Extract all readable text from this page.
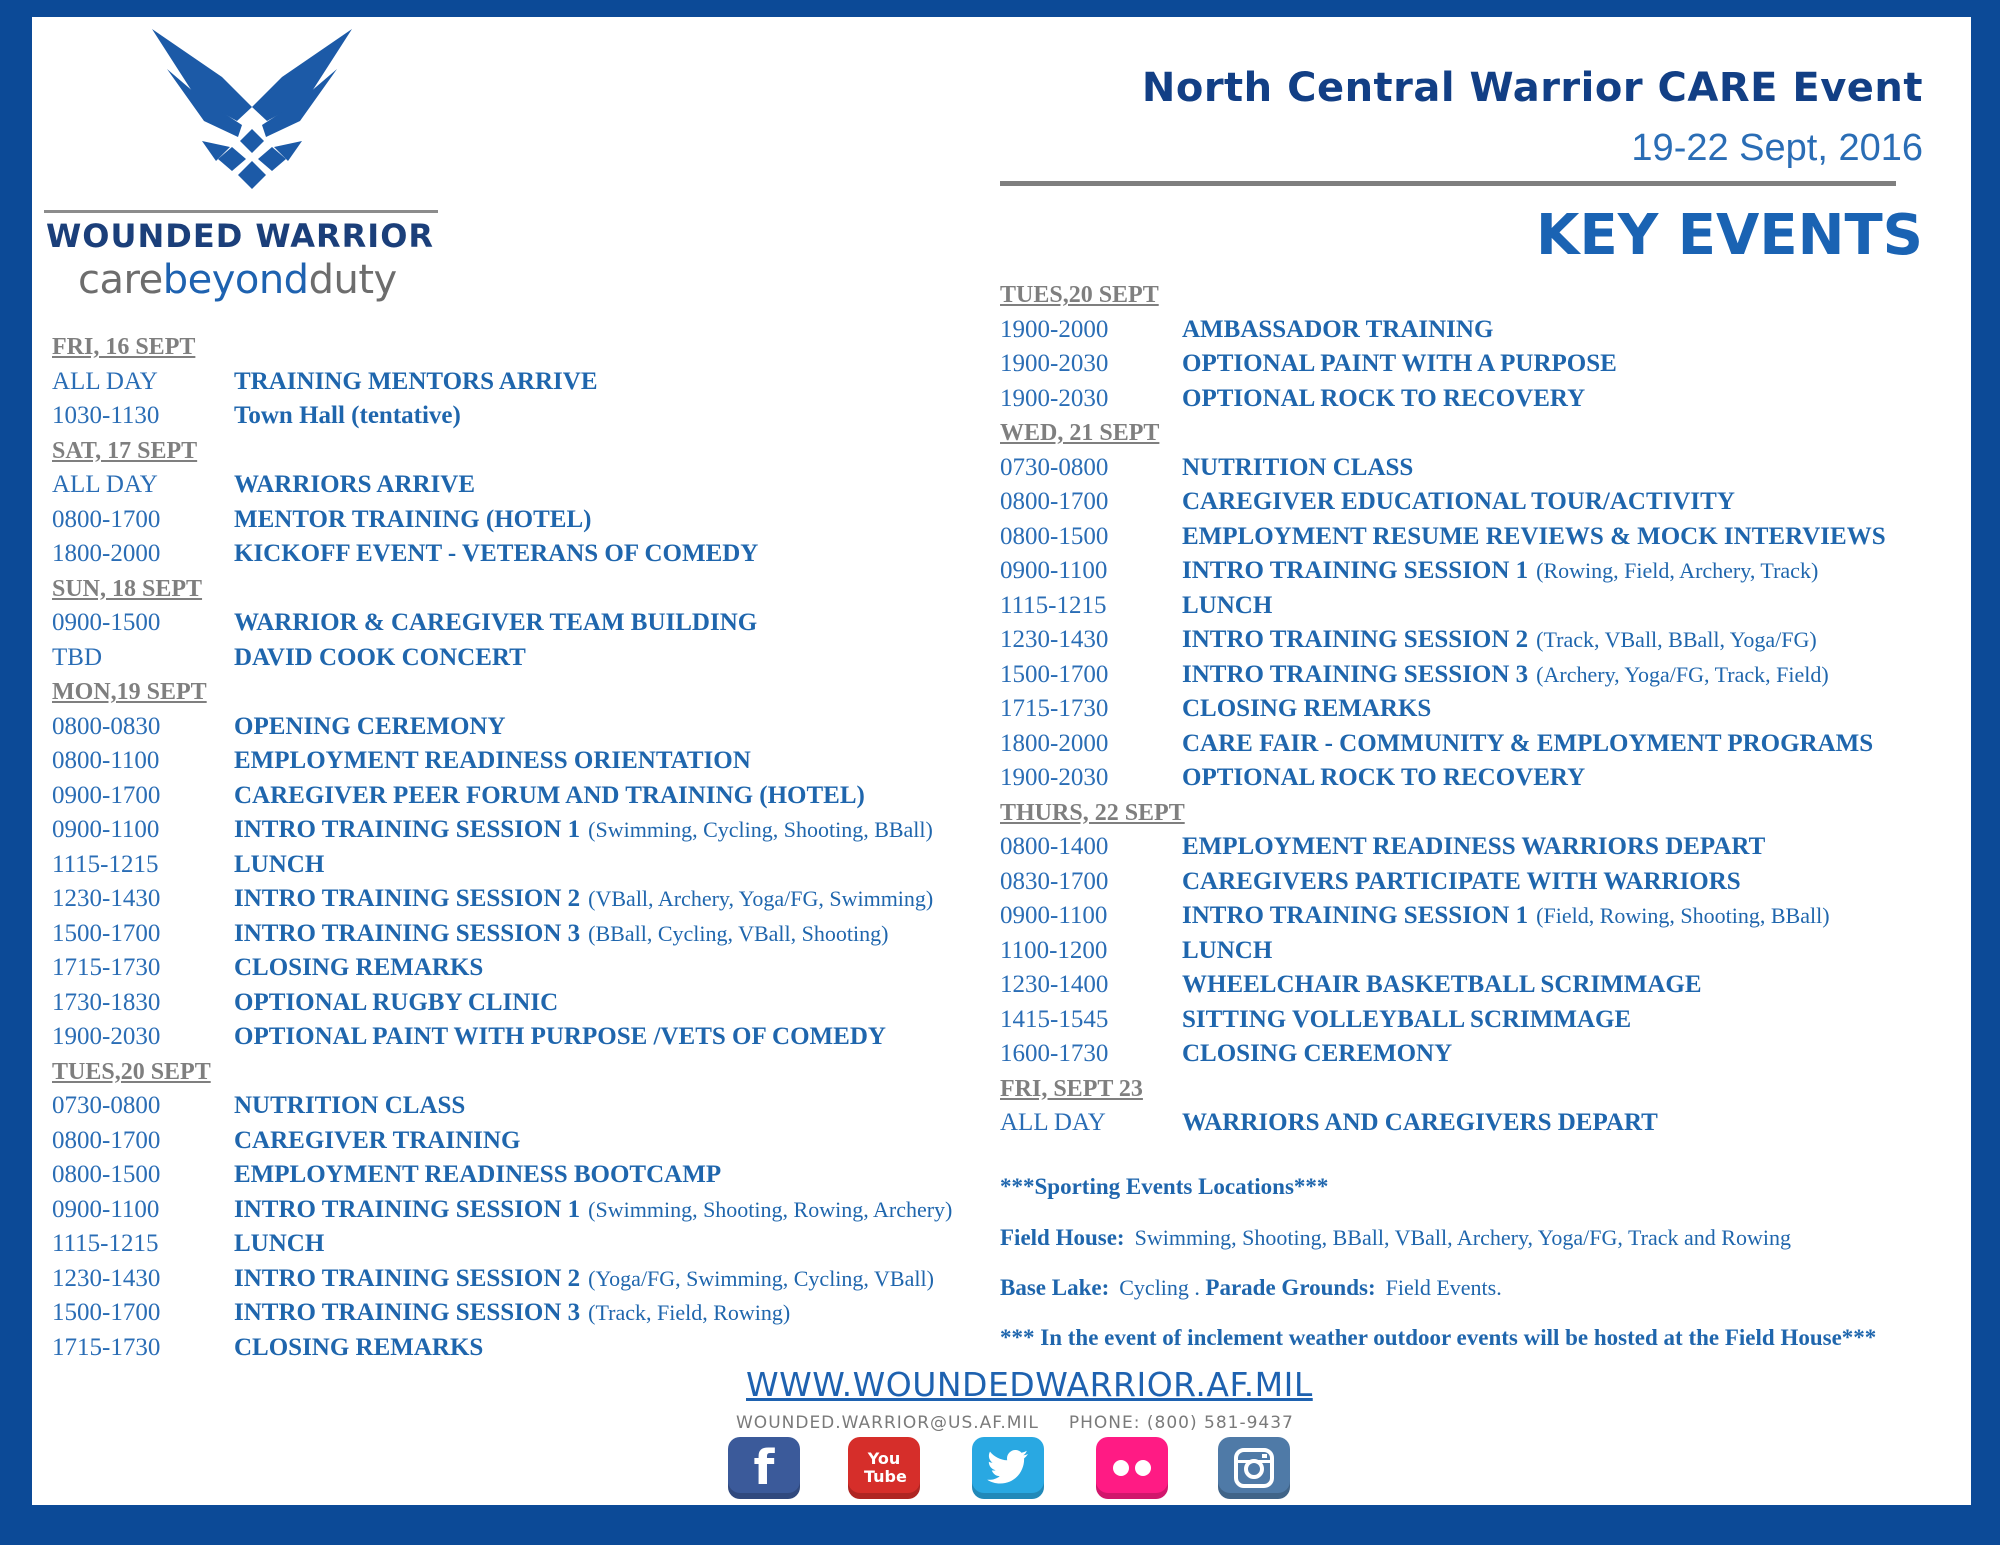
WOUNDED WARRIOR
carebeyondduty
North Central Warrior CARE Event
19-22 Sept, 2016
KEY EVENTS
FRI, 16 SEPT
ALL DAY	TRAINING MENTORS ARRIVE
1030-1130	Town Hall (tentative)
SAT, 17 SEPT
ALL DAY	WARRIORS ARRIVE
0800-1700	MENTOR TRAINING (HOTEL)
1800-2000	KICKOFF EVENT - VETERANS OF COMEDY
SUN, 18 SEPT
0900-1500	WARRIOR & CAREGIVER TEAM BUILDING
TBD	DAVID COOK CONCERT
MON,19 SEPT
0800-0830	OPENING CEREMONY
0800-1100	EMPLOYMENT READINESS ORIENTATION
0900-1700	CAREGIVER PEER FORUM AND TRAINING (HOTEL)
0900-1100	INTRO TRAINING SESSION 1 (Swimming, Cycling, Shooting, BBall)
1115-1215	LUNCH
1230-1430	INTRO TRAINING SESSION 2 (VBall, Archery, Yoga/FG, Swimming)
1500-1700	INTRO TRAINING SESSION 3 (BBall, Cycling, VBall, Shooting)
1715-1730	CLOSING REMARKS
1730-1830	OPTIONAL RUGBY CLINIC
1900-2030	OPTIONAL PAINT WITH PURPOSE /VETS OF COMEDY
TUES,20 SEPT
0730-0800	NUTRITION CLASS
0800-1700	CAREGIVER TRAINING
0800-1500	EMPLOYMENT READINESS BOOTCAMP
0900-1100	INTRO TRAINING SESSION 1 (Swimming, Shooting, Rowing, Archery)
1115-1215	LUNCH
1230-1430	INTRO TRAINING SESSION 2 (Yoga/FG, Swimming, Cycling, VBall)
1500-1700	INTRO TRAINING SESSION 3 (Track, Field, Rowing)
1715-1730	CLOSING REMARKS
TUES,20 SEPT
1900-2000	AMBASSADOR TRAINING
1900-2030	OPTIONAL PAINT WITH A PURPOSE
1900-2030	OPTIONAL ROCK TO RECOVERY
WED, 21 SEPT
0730-0800	NUTRITION CLASS
0800-1700	CAREGIVER EDUCATIONAL TOUR/ACTIVITY
0800-1500	EMPLOYMENT RESUME REVIEWS & MOCK INTERVIEWS
0900-1100	INTRO TRAINING SESSION 1 (Rowing, Field, Archery, Track)
1115-1215	LUNCH
1230-1430	INTRO TRAINING SESSION 2 (Track, VBall, BBall, Yoga/FG)
1500-1700	INTRO TRAINING SESSION 3 (Archery, Yoga/FG, Track, Field)
1715-1730	CLOSING REMARKS
1800-2000	CARE FAIR - COMMUNITY & EMPLOYMENT PROGRAMS
1900-2030	OPTIONAL ROCK TO RECOVERY
THURS, 22 SEPT
0800-1400	EMPLOYMENT READINESS WARRIORS DEPART
0830-1700	CAREGIVERS PARTICIPATE WITH WARRIORS
0900-1100	INTRO TRAINING SESSION 1 (Field, Rowing, Shooting, BBall)
1100-1200	LUNCH
1230-1400	WHEELCHAIR BASKETBALL SCRIMMAGE
1415-1545	SITTING VOLLEYBALL SCRIMMAGE
1600-1730	CLOSING CEREMONY
FRI, SEPT 23
ALL DAY	WARRIORS AND CAREGIVERS DEPART
***Sporting Events Locations***
Field House: Swimming, Shooting, BBall, VBall, Archery, Yoga/FG, Track and Rowing
Base Lake: Cycling . Parade Grounds: Field Events.
*** In the event of inclement weather outdoor events will be hosted at the Field House***
WWW.WOUNDEDWARRIOR.AF.MIL
WOUNDED.WARRIOR@US.AF.MIL PHONE: (800) 581-9437
f	You Tube
